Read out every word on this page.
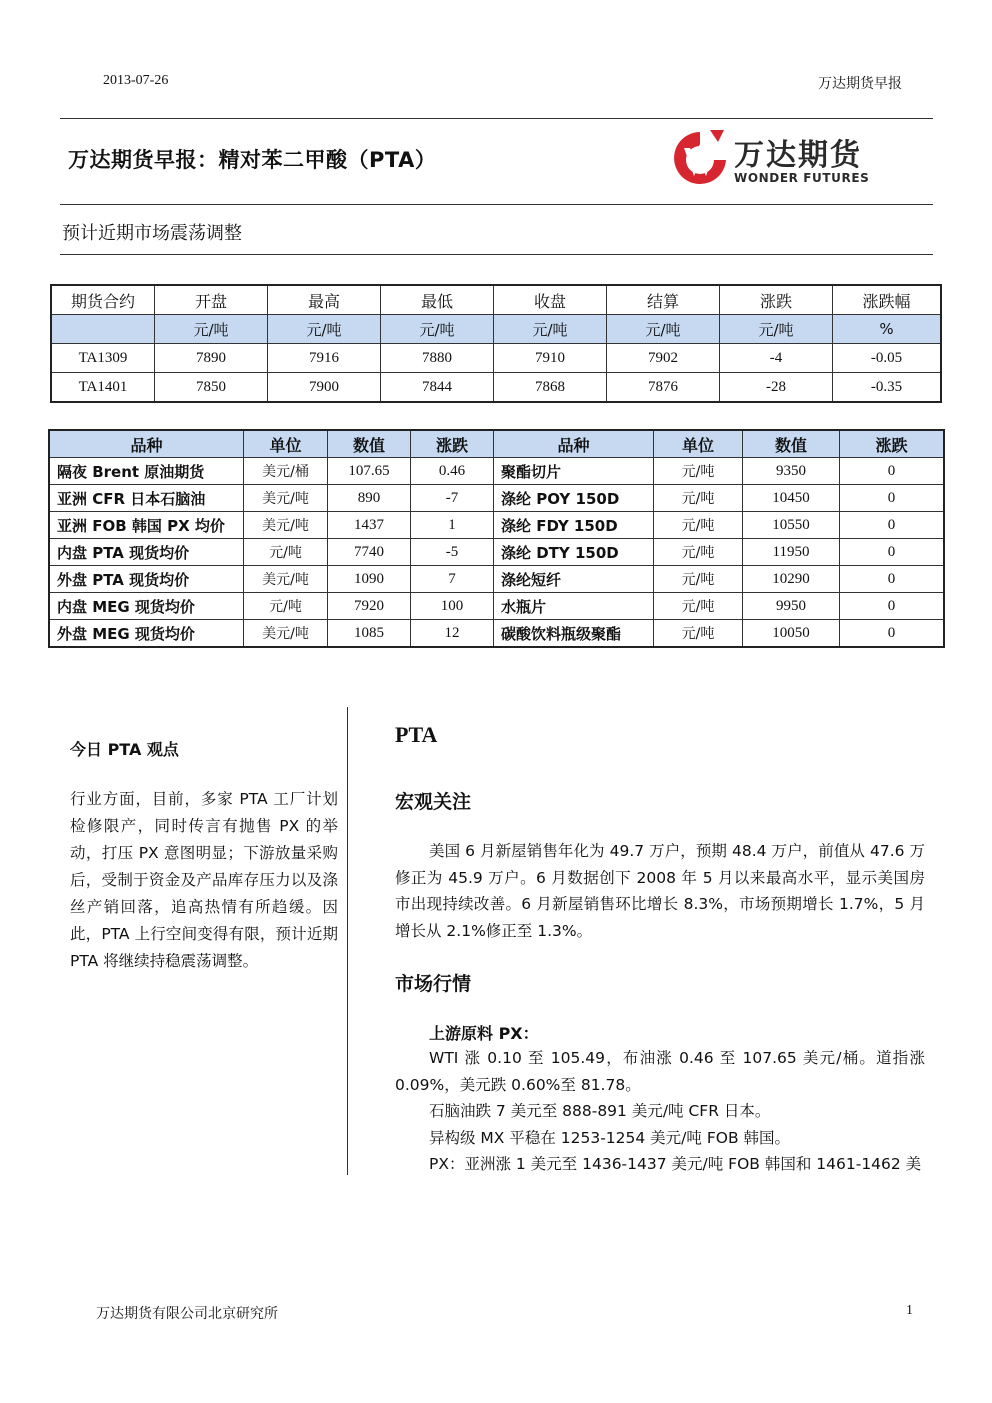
2013-07-26	万达期货早报
万达期货早报：精对苯二甲酸（PTA）	万达期货
WONDER FUTURES
预计近期市场震荡调整
期货合约	开盘	最高	最低	收盘	结算	涨跌	涨跌幅
	元/吨	元/吨	元/吨	元/吨	元/吨	元/吨	%
TA1309	7890	7916	7880	7910	7902	-4	-0.05
TA1401	7850	7900	7844	7868	7876	-28	-0.35
品种	单位	数值	涨跌	品种	单位	数值	涨跌
隔夜 Brent 原油期货	美元/桶	107.65	0.46	聚酯切片	元/吨	9350	0
亚洲 CFR 日本石脑油	美元/吨	890	-7	涤纶 POY 150D	元/吨	10450	0
亚洲 FOB 韩国 PX 均价	美元/吨	1437	1	涤纶 FDY 150D	元/吨	10550	0
内盘 PTA 现货均价	元/吨	7740	-5	涤纶 DTY 150D	元/吨	11950	0
外盘 PTA 现货均价	美元/吨	1090	7	涤纶短纤	元/吨	10290	0
内盘 MEG 现货均价	元/吨	7920	100	水瓶片	元/吨	9950	0
外盘 MEG 现货均价	美元/吨	1085	12	碳酸饮料瓶级聚酯	元/吨	10050	0
今日 PTA 观点
行业方面，目前，多家 PTA 工厂计划检修限产，同时传言有抛售 PX 的举动，打压 PX 意图明显；下游放量采购后，受制于资金及产品库存压力以及涤丝产销回落，追高热情有所趋缓。因此，PTA 上行空间变得有限，预计近期 PTA 将继续持稳震荡调整。
PTA
宏观关注

美国 6 月新屋销售年化为 49.7 万户，预期 48.4 万户，前值从 47.6 万修正为 45.9 万户。6 月数据创下 2008 年 5 月以来最高水平，显示美国房市出现持续改善。6 月新屋销售环比增长 8.3%，市场预期增长 1.7%，5 月增长从 2.1%修正至 1.3%。

市场行情
上游原料 PX：

WTI 涨 0.10 至 105.49，布油涨 0.46 至 107.65 美元/桶。道指涨 0.09%，美元跌 0.60%至 81.78。

石脑油跌 7 美元至 888-891 美元/吨 CFR 日本。

异构级 MX 平稳在 1253-1254 美元/吨 FOB 韩国。

PX：亚洲涨 1 美元至 1436-1437 美元/吨 FOB 韩国和 1461-1462 美

万达期货有限公司北京研究所	1
